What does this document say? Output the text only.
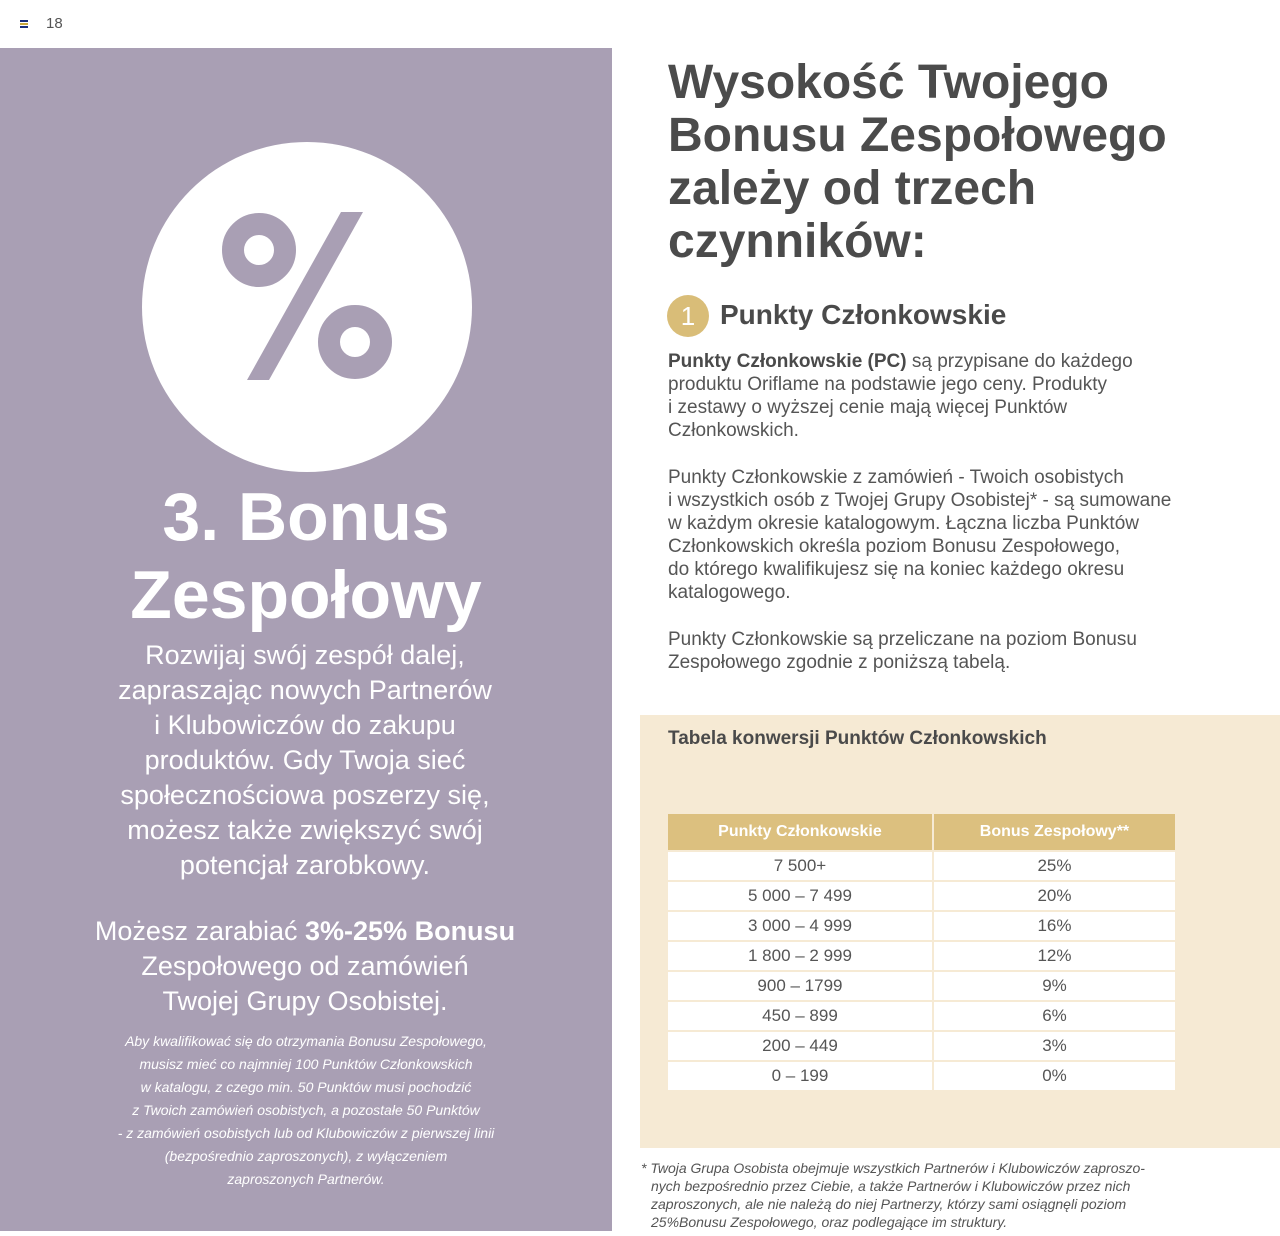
18
3. Bonus
Zespołowy
Rozwijaj swój zespół dalej,
zapraszając nowych Partnerów
i Klubowiczów do zakupu
produktów. Gdy Twoja sieć
społecznościowa poszerzy się,
możesz także zwiększyć swój
potencjał zarobkowy.
Możesz zarabiać 3%-25% Bonusu
Zespołowego od zamówień
Twojej Grupy Osobistej.
Aby kwalifikować się do otrzymania Bonusu Zespołowego,
musisz mieć co najmniej 100 Punktów Członkowskich
w katalogu, z czego min. 50 Punktów musi pochodzić
z Twoich zamówień osobistych, a pozostałe 50 Punktów
- z zamówień osobistych lub od Klubowiczów z pierwszej linii
(bezpośrednio zaproszonych), z wyłączeniem
zaproszonych Partnerów.
Wysokość Twojego
Bonusu Zespołowego
zależy od trzech
czynników:
1 Punkty Członkowskie
Punkty Członkowskie (PC) są przypisane do każdego
produktu Oriflame na podstawie jego ceny. Produkty
i zestawy o wyższej cenie mają więcej Punktów
Członkowskich.
Punkty Członkowskie z zamówień - Twoich osobistych
i wszystkich osób z Twojej Grupy Osobistej* - są sumowane
w każdym okresie katalogowym. Łączna liczba Punktów
Członkowskich określa poziom Bonusu Zespołowego,
do którego kwalifikujesz się na koniec każdego okresu
katalogowego.
Punkty Członkowskie są przeliczane na poziom Bonusu
Zespołowego zgodnie z poniższą tabelą.
Tabela konwersji Punktów Członkowskich
Punkty Członkowskie	Bonus Zespołowy**
7 500+	25%
5 000 – 7 499	20%
3 000 – 4 999	16%
1 800 – 2 999	12%
900 – 1799	9%
450 – 899	6%
200 – 449	3%
0 – 199	0%
* Twoja Grupa Osobista obejmuje wszystkich Partnerów i Klubowiczów zaproszo-
nych bezpośrednio przez Ciebie, a także Partnerów i Klubowiczów przez nich
zaproszonych, ale nie należą do niej Partnerzy, którzy sami osiągnęli poziom
25%Bonusu Zespołowego, oraz podlegające im struktury.
